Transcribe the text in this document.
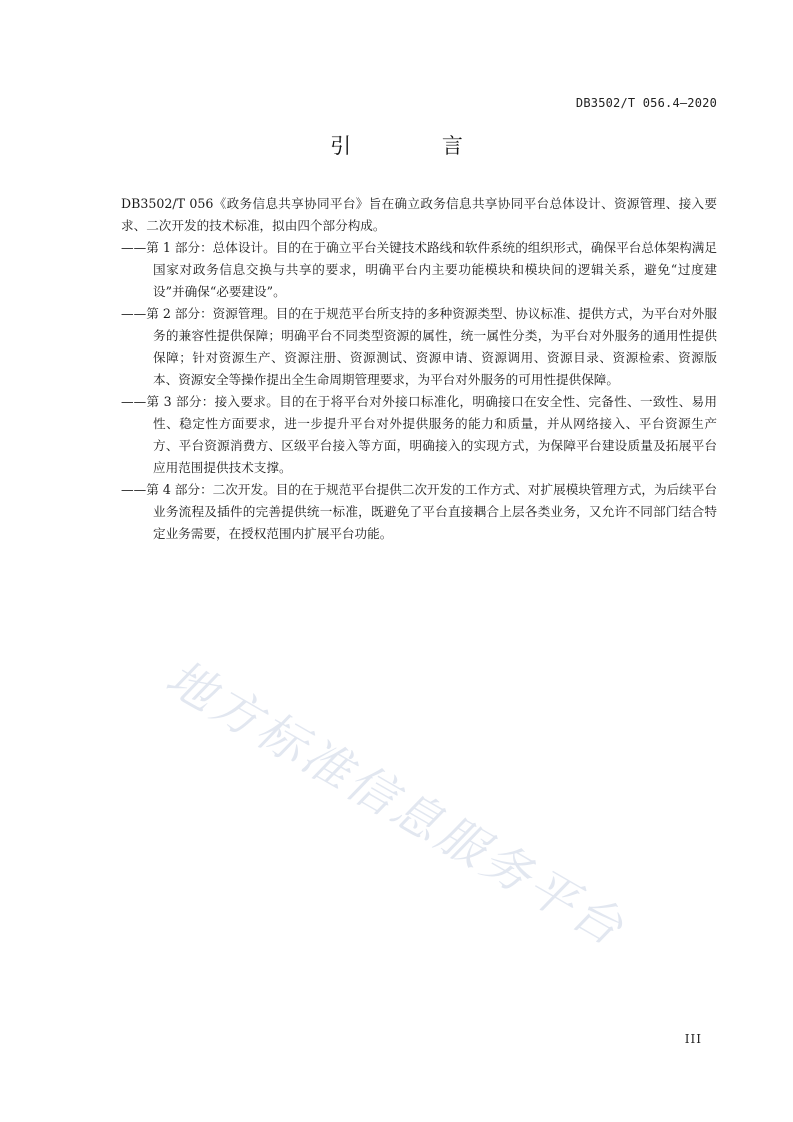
DB3502/T 056.4—2020
引 言

DB3502/T 056《政务信息共享协同平台》旨在确立政务信息共享协同平台总体设计、资源管理、接入要求、二次开发的技术标准，拟由四个部分构成。

——第 1 部分：总体设计。目的在于确立平台关键技术路线和软件系统的组织形式，确保平台总体架构满足国家对政务信息交换与共享的要求，明确平台内主要功能模块和模块间的逻辑关系，避免“过度建设”并确保“必要建设”。

——第 2 部分：资源管理。目的在于规范平台所支持的多种资源类型、协议标准、提供方式，为平台对外服务的兼容性提供保障；明确平台不同类型资源的属性，统一属性分类，为平台对外服务的通用性提供保障；针对资源生产、资源注册、资源测试、资源申请、资源调用、资源目录、资源检索、资源版本、资源安全等操作提出全生命周期管理要求，为平台对外服务的可用性提供保障。

——第 3 部分：接入要求。目的在于将平台对外接口标准化，明确接口在安全性、完备性、一致性、易用性、稳定性方面要求，进一步提升平台对外提供服务的能力和质量，并从网络接入、平台资源生产方、平台资源消费方、区级平台接入等方面，明确接入的实现方式，为保障平台建设质量及拓展平台应用范围提供技术支撑。

——第 4 部分：二次开发。目的在于规范平台提供二次开发的工作方式、对扩展模块管理方式，为后续平台业务流程及插件的完善提供统一标准，既避免了平台直接耦合上层各类业务，又允许不同部门结合特定业务需要，在授权范围内扩展平台功能。

地方标准信息服务平台
III
